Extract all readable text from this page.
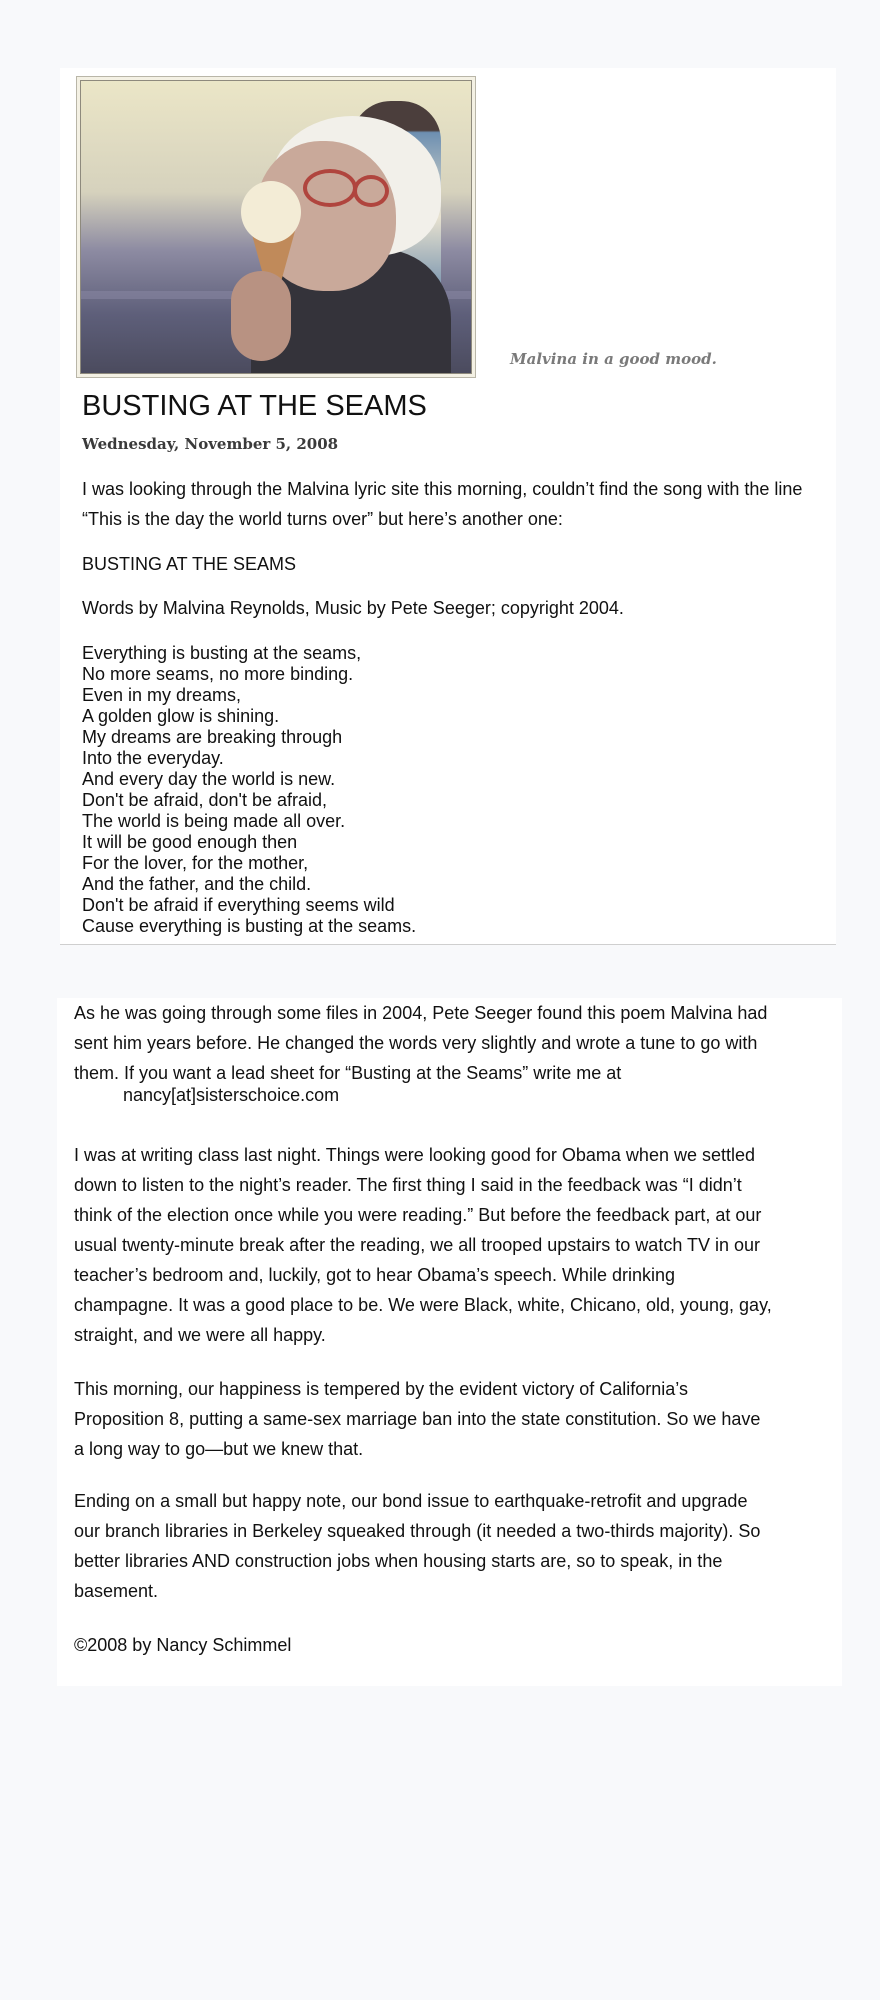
Malvina in a good mood.
BUSTING AT THE SEAMS
Wednesday, November 5, 2008

I was looking through the Malvina lyric site this morning, couldn’t find the song with the line “This is the day the world turns over” but here’s another one:

BUSTING AT THE SEAMS

Words by Malvina Reynolds, Music by Pete Seeger; copyright 2004.

Everything is busting at the seams,
No more seams, no more binding.
Even in my dreams,
A golden glow is shining.
My dreams are breaking through
Into the everyday.
And every day the world is new.
Don't be afraid, don't be afraid,
The world is being made all over.
It will be good enough then
For the lover, for the mother,
And the father, and the child.
Don't be afraid if everything seems wild
Cause everything is busting at the seams.

As he was going through some files in 2004, Pete Seeger found this poem Malvina had sent him years before. He changed the words very slightly and wrote a tune to go with them. If you want a lead sheet for “Busting at the Seams” write me at

nancy[at]sisterschoice.com

I was at writing class last night. Things were looking good for Obama when we settled down to listen to the night’s reader. The first thing I said in the feedback was “I didn’t think of the election once while you were reading.” But before the feedback part, at our usual twenty-minute break after the reading, we all trooped upstairs to watch TV in our teacher’s bedroom and, luckily, got to hear Obama’s speech. While drinking champagne. It was a good place to be. We were Black, white, Chicano, old, young, gay, straight, and we were all happy.

This morning, our happiness is tempered by the evident victory of California’s Proposition 8, putting a same-sex marriage ban into the state constitution. So we have a long way to go—but we knew that.

Ending on a small but happy note, our bond issue to earthquake-retrofit and upgrade our branch libraries in Berkeley squeaked through (it needed a two-thirds majority). So better libraries AND construction jobs when housing starts are, so to speak, in the basement.

©2008 by Nancy Schimmel
